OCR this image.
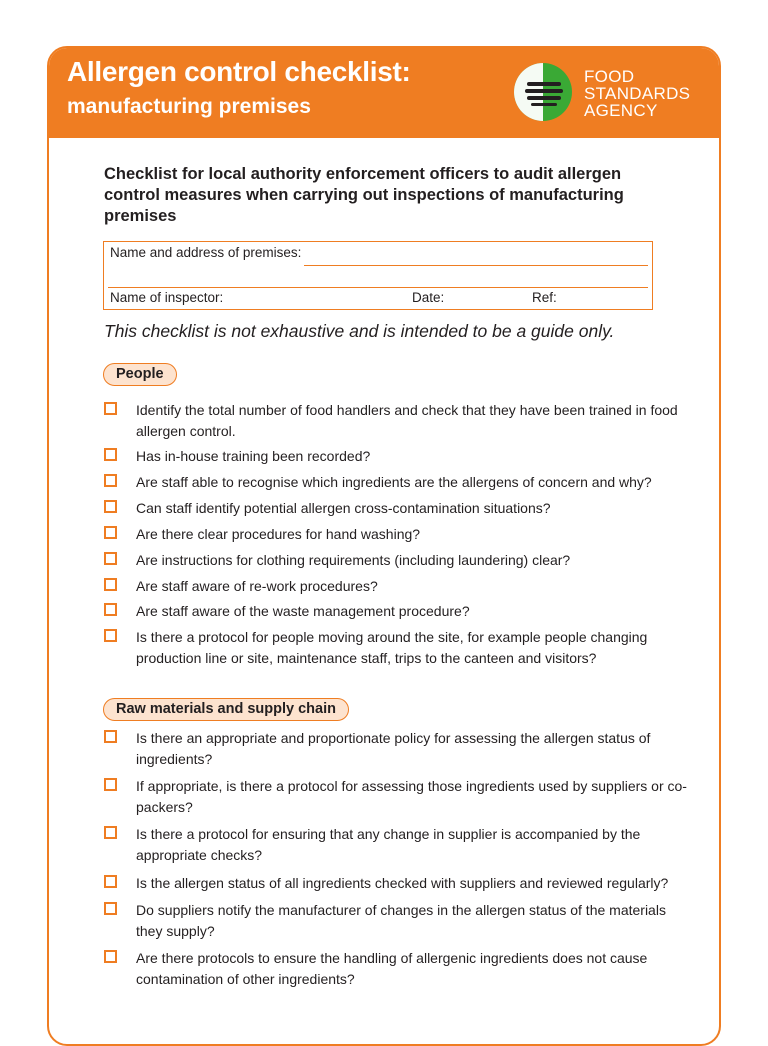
Allergen control checklist:
manufacturing premises
FOOD
STANDARDS
AGENCY

Checklist for local authority enforcement officers to audit allergen control measures when carrying out inspections of manufacturing premises

Name and address of premises:
Name of inspector:	Date:	Ref:

This checklist is not exhaustive and is intended to be a guide only.

People
Identify the total number of food handlers and check that they have been trained in food allergen control.
Has in-house training been recorded?
Are staff able to recognise which ingredients are the allergens of concern and why?
Can staff identify potential allergen cross-contamination situations?
Are there clear procedures for hand washing?
Are instructions for clothing requirements (including laundering) clear?
Are staff aware of re-work procedures?
Are staff aware of the waste management procedure?
Is there a protocol for people moving around the site, for example people changing production line or site, maintenance staff, trips to the canteen and visitors?
Raw materials and supply chain
Is there an appropriate and proportionate policy for assessing the allergen status of ingredients?
If appropriate, is there a protocol for assessing those ingredients used by suppliers or co-packers?
Is there a protocol for ensuring that any change in supplier is accompanied by the appropriate checks?
Is the allergen status of all ingredients checked with suppliers and reviewed regularly?
Do suppliers notify the manufacturer of changes in the allergen status of the materials they supply?
Are there protocols to ensure the handling of allergenic ingredients does not cause contamination of other ingredients?
